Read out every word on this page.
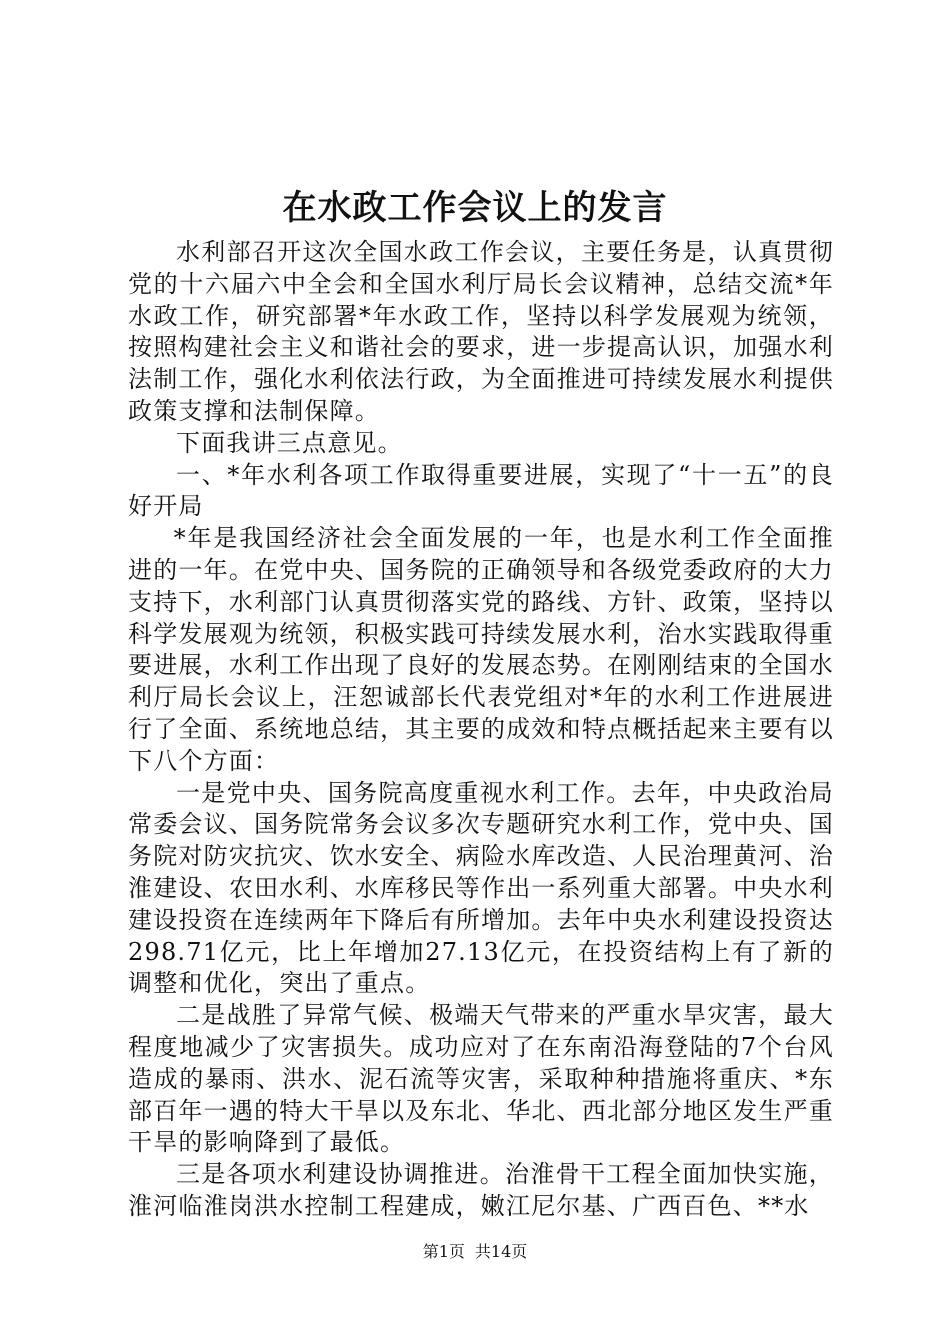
在水政工作会议上的发言

水利部召开这次全国水政工作会议，主要任务是，认真贯彻党的十六届六中全会和全国水利厅局长会议精神，总结交流*年水政工作，研究部署*年水政工作，坚持以科学发展观为统领，按照构建社会主义和谐社会的要求，进一步提高认识，加强水利法制工作，强化水利依法行政，为全面推进可持续发展水利提供政策支撑和法制保障。

下面我讲三点意见。

一、*年水利各项工作取得重要进展，实现了“十一五”的良好开局

*年是我国经济社会全面发展的一年，也是水利工作全面推进的一年。在党中央、国务院的正确领导和各级党委政府的大力支持下，水利部门认真贯彻落实党的路线、方针、政策，坚持以科学发展观为统领，积极实践可持续发展水利，治水实践取得重要进展，水利工作出现了良好的发展态势。在刚刚结束的全国水利厅局长会议上，汪恕诚部长代表党组对*年的水利工作进展进行了全面、系统地总结，其主要的成效和特点概括起来主要有以下八个方面：

一是党中央、国务院高度重视水利工作。去年，中央政治局常委会议、国务院常务会议多次专题研究水利工作，党中央、国务院对防灾抗灾、饮水安全、病险水库改造、人民治理黄河、治淮建设、农田水利、水库移民等作出一系列重大部署。中央水利建设投资在连续两年下降后有所增加。去年中央水利建设投资达298.71亿元，比上年增加27.13亿元，在投资结构上有了新的调整和优化，突出了重点。

二是战胜了异常气候、极端天气带来的严重水旱灾害，最大程度地减少了灾害损失。成功应对了在东南沿海登陆的7个台风造成的暴雨、洪水、泥石流等灾害，采取种种措施将重庆、*东部百年一遇的特大干旱以及东北、华北、西北部分地区发生严重干旱的影响降到了最低。

三是各项水利建设协调推进。治淮骨干工程全面加快实施，淮河临淮岗洪水控制工程建成，嫩江尼尔基、广西百色、**水

第1页 共14页
